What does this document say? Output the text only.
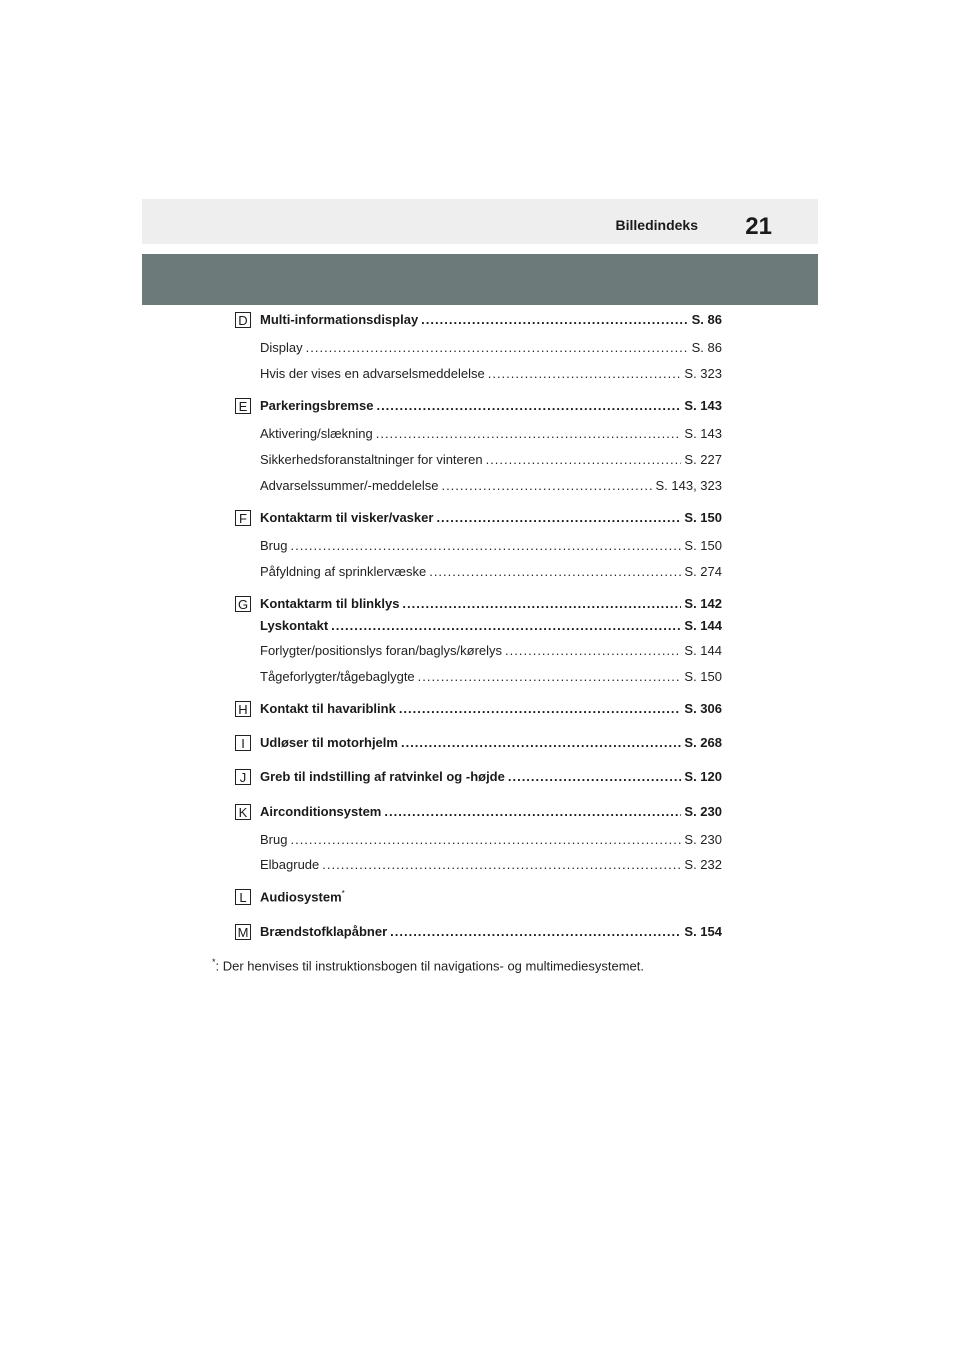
Billedindeks 21
D Multi-informationsdisplay .....	S. 86
Display .....	S. 86
Hvis der vises en advarselsmeddelelse .....	S. 323
E Parkeringsbremse .....	S. 143
Aktivering/slækning .....	S. 143
Sikkerhedsforanstaltninger for vinteren .....	S. 227
Advarselssummer/-meddelelse .....	S. 143, 323
F	Kontaktarm til visker/vasker .....	S. 150
Brug .....	S. 150
Påfyldning af sprinklervæske .....	S. 274
G Kontaktarm til blinklys .....	S. 142
Lyskontakt .....	S. 144
Forlygter/positionslys foran/baglys/kørelys .....	S. 144
Tågeforlygter/tågebaglygte .....	S. 150
H Kontakt til havariblink .....	S. 306
I	Udløser til motorhjelm .....	S. 268
J	Greb til indstilling af ratvinkel og -højde .....	S. 120
K Airconditionsystem .....	S. 230
Brug .....	S. 230
Elbagrude .....	S. 232
L	Audiosystem*
M Brændstofklapåbner .....	S. 154
*: Der henvises til instruktionsbogen til navigations- og multimediesystemet.
